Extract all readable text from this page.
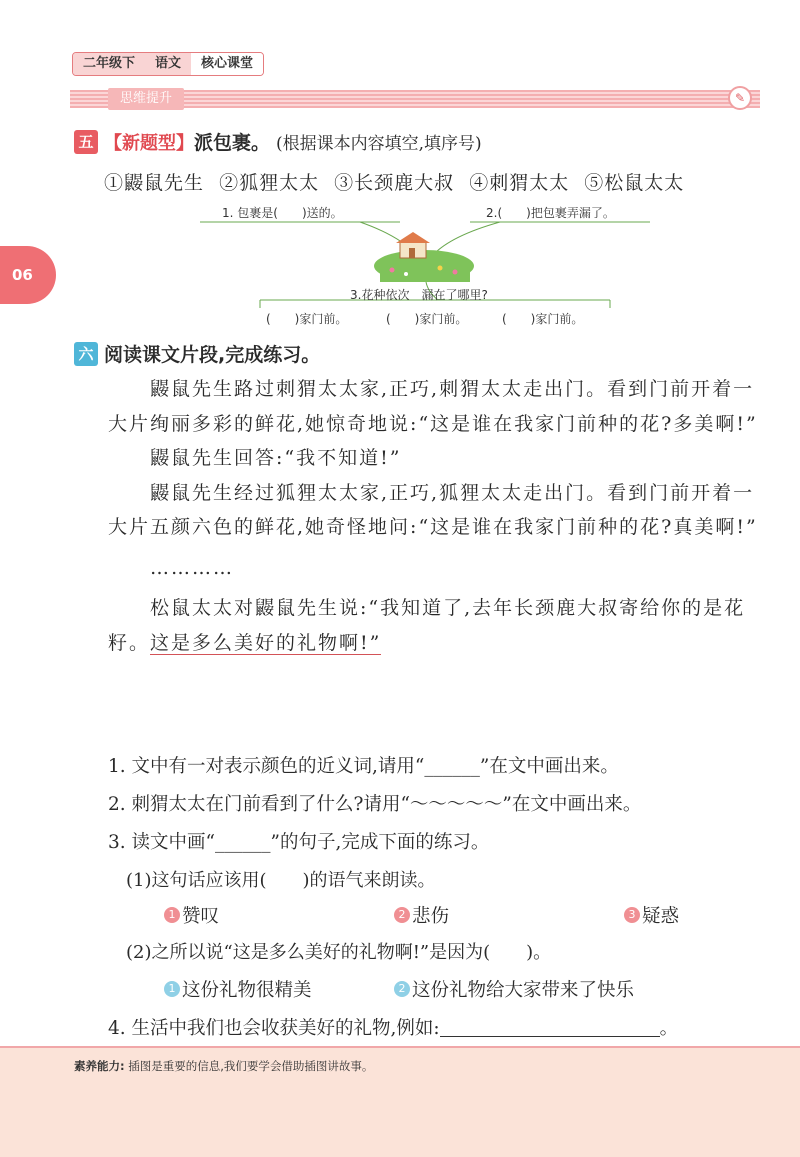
二年级下	语文	核心课堂
思维提升	✎
06
五 【新题型】 派包裹。 (根据课本内容填空,填序号)
①鼹鼠先生 ②狐狸太太 ③长颈鹿大叔 ④刺猬太太 ⑤松鼠太太
1. 包裹是(　　)送的。	2.(　　)把包裹弄漏了。
3.花种依次　漏在了哪里?
(　　)家门前。	(　　)家门前。	(　　)家门前。
六 阅读课文片段,完成练习。

鼹鼠先生路过刺猬太太家,正巧,刺猬太太走出门。看到门前开着一大片绚丽多彩的鲜花,她惊奇地说:“这是谁在我家门前种的花?多美啊!”

鼹鼠先生回答:“我不知道!”

鼹鼠先生经过狐狸太太家,正巧,狐狸太太走出门。看到门前开着一大片五颜六色的鲜花,她奇怪地问:“这是谁在我家门前种的花?真美啊!”

…………

松鼠太太对鼹鼠先生说:“我知道了,去年长颈鹿大叔寄给你的是花籽。这是多么美好的礼物啊!”

1. 文中有一对表示颜色的近义词,请用“______”在文中画出来。
2. 刺猬太太在门前看到了什么?请用“～～～～～”在文中画出来。
3. 读文中画“______”的句子,完成下面的练习。
(1)这句话应该用(　　)的语气来朗读。
1 赞叹	2 悲伤	3 疑惑
(2)之所以说“这是多么美好的礼物啊!”是因为(　　)。
1 这份礼物很精美	2 这份礼物给大家带来了快乐
4. 生活中我们也会收获美好的礼物,例如:	。
素养能力: 插图是重要的信息,我们要学会借助插图讲故事。
